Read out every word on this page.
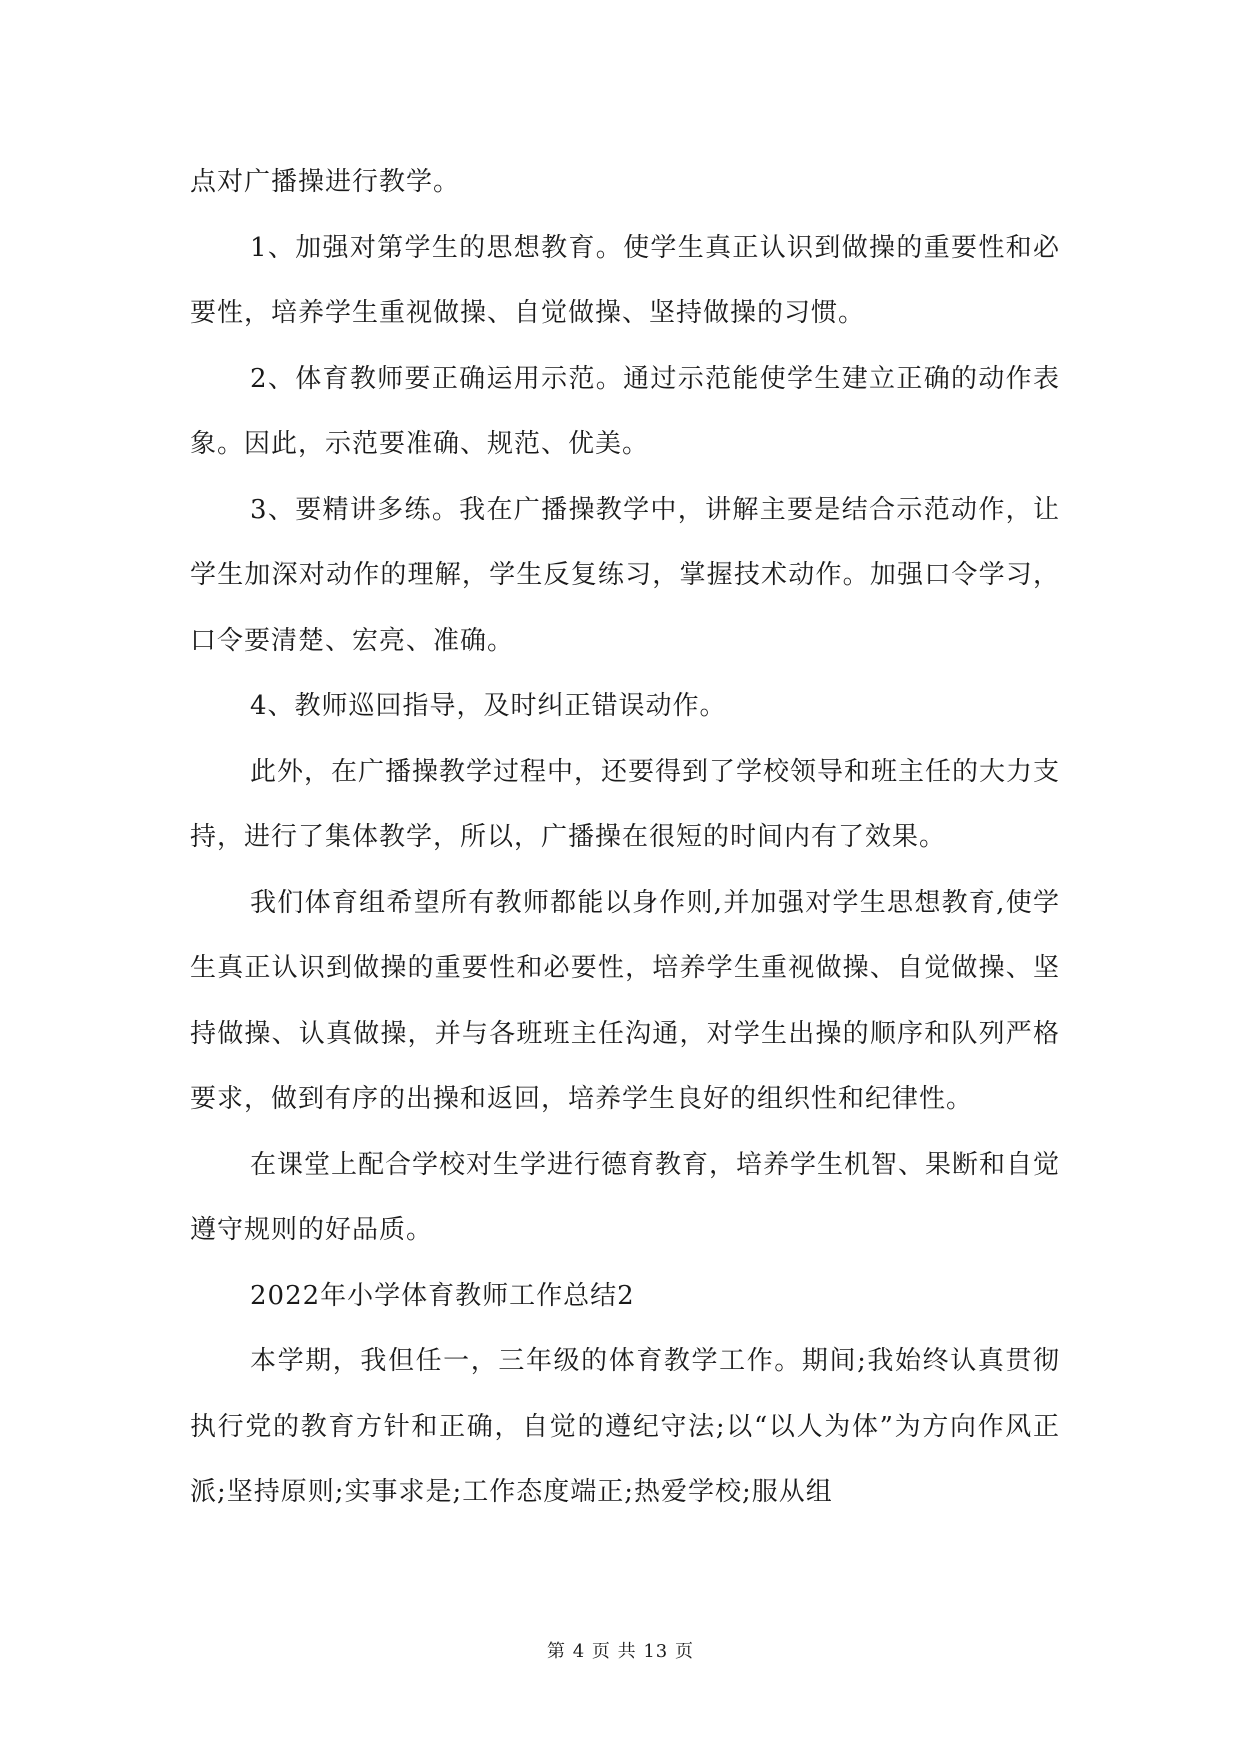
点对广播操进行教学。

1、加强对第学生的思想教育。使学生真正认识到做操的重要性和必要性，培养学生重视做操、自觉做操、坚持做操的习惯。

2、体育教师要正确运用示范。通过示范能使学生建立正确的动作表象。因此，示范要准确、规范、优美。

3、要精讲多练。我在广播操教学中，讲解主要是结合示范动作，让学生加深对动作的理解，学生反复练习，掌握技术动作。加强口令学习，口令要清楚、宏亮、准确。

4、教师巡回指导，及时纠正错误动作。

此外，在广播操教学过程中，还要得到了学校领导和班主任的大力支持，进行了集体教学，所以，广播操在很短的时间内有了效果。

我们体育组希望所有教师都能以身作则,并加强对学生思想教育,使学生真正认识到做操的重要性和必要性，培养学生重视做操、自觉做操、坚持做操、认真做操，并与各班班主任沟通，对学生出操的顺序和队列严格要求，做到有序的出操和返回，培养学生良好的组织性和纪律性。

在课堂上配合学校对生学进行德育教育，培养学生机智、果断和自觉遵守规则的好品质。

2022年小学体育教师工作总结2

本学期，我但任一，三年级的体育教学工作。期间;我始终认真贯彻执行党的教育方针和正确，自觉的遵纪守法;以“以人为体”为方向作风正派;坚持原则;实事求是;工作态度端正;热爱学校;服从组

第 4 页 共 13 页
